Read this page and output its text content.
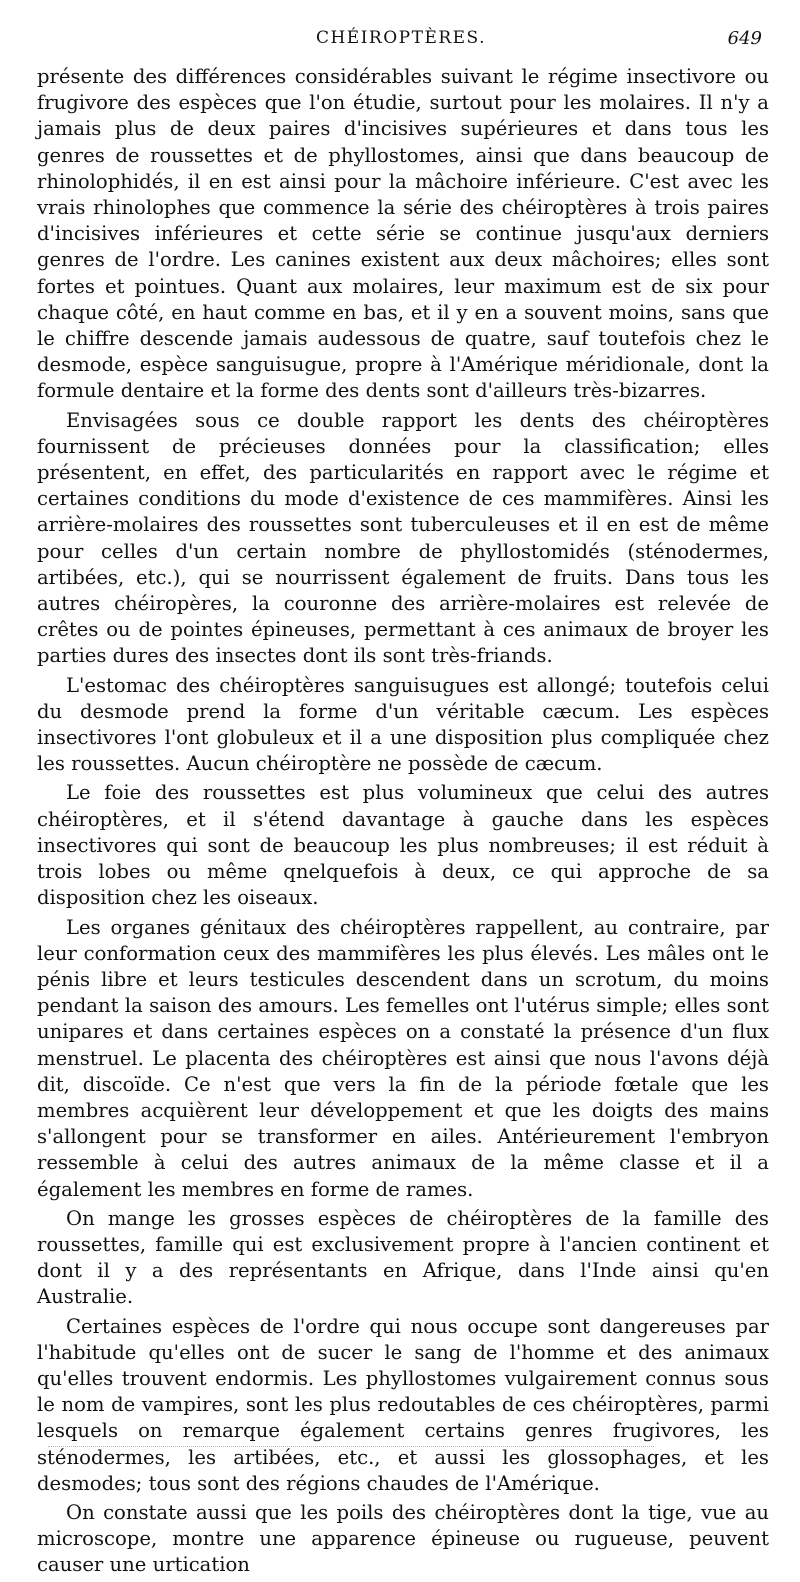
CHÉIROPTÈRES.	649

présente des différences considérables suivant le régime insectivore ou frugivore des espèces que l'on étudie, surtout pour les molaires. Il n'y a jamais plus de deux paires d'incisives supérieures et dans tous les genres de roussettes et de phyllostomes, ainsi que dans beaucoup de rhinolophidés, il en est ainsi pour la mâchoire inférieure. C'est avec les vrais rhinolophes que commence la série des chéiroptères à trois paires d'incisives inférieures et cette série se continue jusqu'aux derniers genres de l'ordre. Les canines existent aux deux mâchoires; elles sont fortes et pointues. Quant aux molaires, leur maximum est de six pour chaque côté, en haut comme en bas, et il y en a souvent moins, sans que le chiffre descende jamais audessous de quatre, sauf toutefois chez le desmode, espèce sanguisugue, propre à l'Amérique méridionale, dont la formule dentaire et la forme des dents sont d'ailleurs très-bizarres.

Envisagées sous ce double rapport les dents des chéiroptères fournissent de précieuses données pour la classification; elles présentent, en effet, des particularités en rapport avec le régime et certaines conditions du mode d'existence de ces mammifères. Ainsi les arrière-molaires des roussettes sont tuberculeuses et il en est de même pour celles d'un certain nombre de phyllostomidés (sténodermes, artibées, etc.), qui se nourrissent également de fruits. Dans tous les autres chéiropères, la couronne des arrière-molaires est relevée de crêtes ou de pointes épineuses, permettant à ces animaux de broyer les parties dures des insectes dont ils sont très-friands.

L'estomac des chéiroptères sanguisugues est allongé; toutefois celui du desmode prend la forme d'un véritable cæcum. Les espèces insectivores l'ont globuleux et il a une disposition plus compliquée chez les roussettes. Aucun chéiroptère ne possède de cæcum.

Le foie des roussettes est plus volumineux que celui des autres chéiroptères, et il s'étend davantage à gauche dans les espèces insectivores qui sont de beaucoup les plus nombreuses; il est réduit à trois lobes ou même qnelquefois à deux, ce qui approche de sa disposition chez les oiseaux.

Les organes génitaux des chéiroptères rappellent, au contraire, par leur conformation ceux des mammifères les plus élevés. Les mâles ont le pénis libre et leurs testicules descendent dans un scrotum, du moins pendant la saison des amours. Les femelles ont l'utérus simple; elles sont unipares et dans certaines espèces on a constaté la présence d'un flux menstruel. Le placenta des chéiroptères est ainsi que nous l'avons déjà dit, discoïde. Ce n'est que vers la fin de la période fœtale que les membres acquièrent leur développement et que les doigts des mains s'allongent pour se transformer en ailes. Antérieurement l'embryon ressemble à celui des autres animaux de la même classe et il a également les membres en forme de rames.

On mange les grosses espèces de chéiroptères de la famille des roussettes, famille qui est exclusivement propre à l'ancien continent et dont il y a des représentants en Afrique, dans l'Inde ainsi qu'en Australie.

Certaines espèces de l'ordre qui nous occupe sont dangereuses par l'habitude qu'elles ont de sucer le sang de l'homme et des animaux qu'elles trouvent endormis. Les phyllostomes vulgairement connus sous le nom de vampires, sont les plus redoutables de ces chéiroptères, parmi lesquels on remarque également certains genres frugivores, les sténodermes, les artibées, etc., et aussi les glossophages, et les desmodes; tous sont des régions chaudes de l'Amérique.

On constate aussi que les poils des chéiroptères dont la tige, vue au microscope, montre une apparence épineuse ou rugueuse, peuvent causer une urtication
